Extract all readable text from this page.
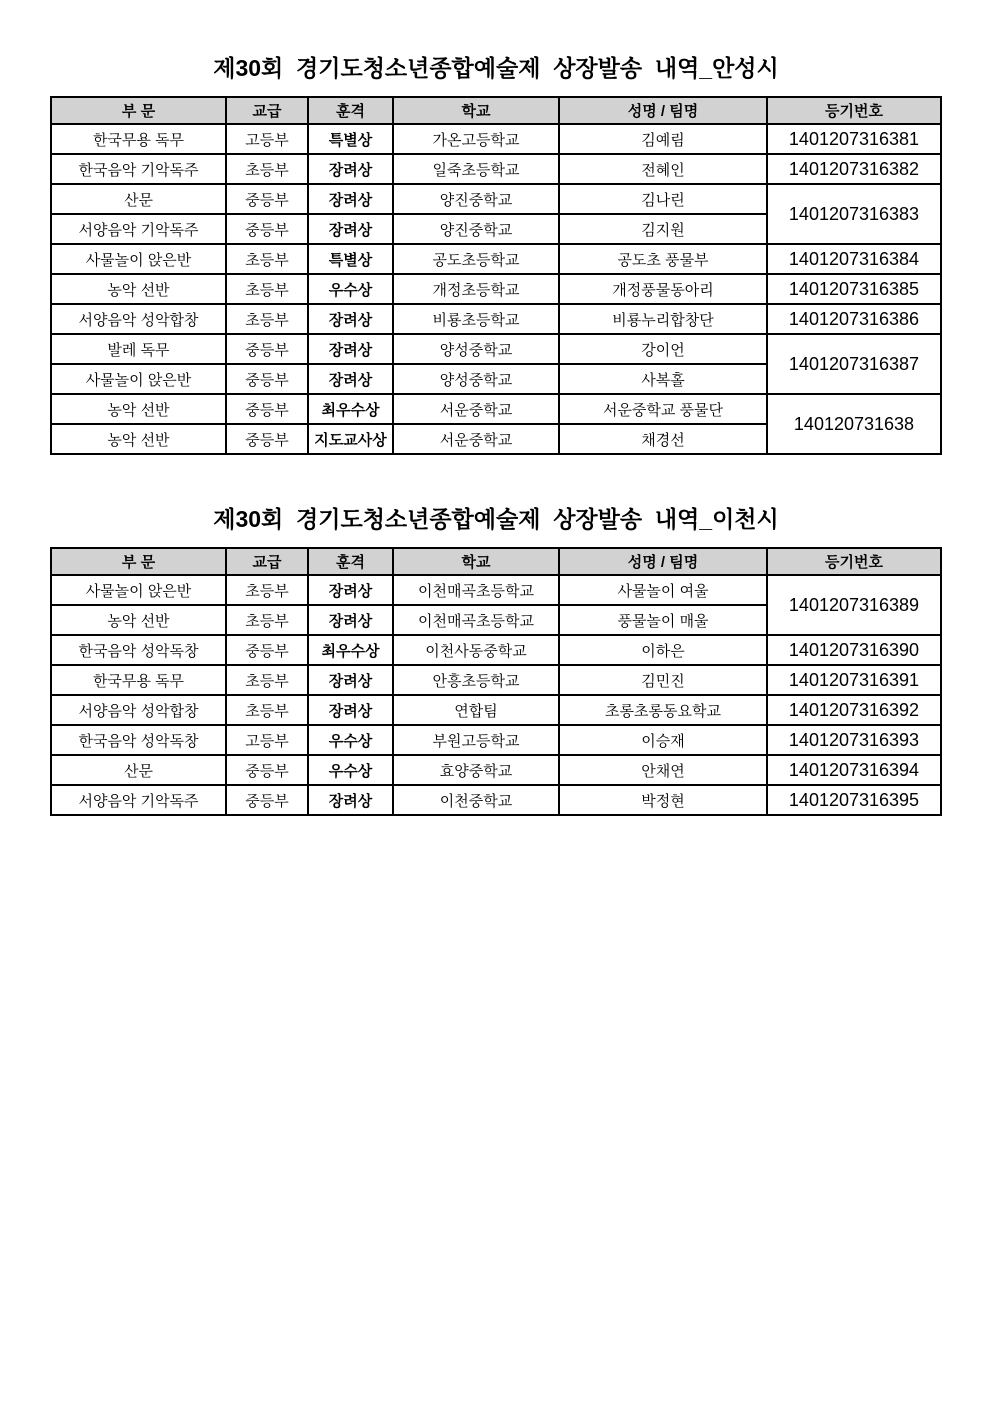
제30회  경기도청소년종합예술제  상장발송  내역_안성시
부 문	교급	훈격	학교	성명 / 팀명	등기번호
한국무용 독무	고등부	특별상	가온고등학교	김예림	1401207316381
한국음악 기악독주	초등부	장려상	일죽초등학교	전혜인	1401207316382
산문	중등부	장려상	양진중학교	김나린	1401207316383
서양음악 기악독주	중등부	장려상	양진중학교	김지원	
사물놀이 앉은반	초등부	특별상	공도초등학교	공도초 풍물부	1401207316384
농악 선반	초등부	우수상	개정초등학교	개정풍물동아리	1401207316385
서양음악 성악합창	초등부	장려상	비룡초등학교	비룡누리합창단	1401207316386
발레 독무	중등부	장려상	양성중학교	강이언	1401207316387
사물놀이 앉은반	중등부	장려상	양성중학교	사복홀	
농악 선반	중등부	최우수상	서운중학교	서운중학교 풍물단	140120731638
농악 선반	중등부	지도교사상	서운중학교	채경선	
제30회  경기도청소년종합예술제  상장발송  내역_이천시
부 문	교급	훈격	학교	성명 / 팀명	등기번호
사물놀이 앉은반	초등부	장려상	이천매곡초등학교	사물놀이 여울	1401207316389
농악 선반	초등부	장려상	이천매곡초등학교	풍물놀이 매울	
한국음악 성악독창	중등부	최우수상	이천사동중학교	이하은	1401207316390
한국무용 독무	초등부	장려상	안흥초등학교	김민진	1401207316391
서양음악 성악합창	초등부	장려상	연합팀	초롱초롱동요학교	1401207316392
한국음악 성악독창	고등부	우수상	부원고등학교	이승재	1401207316393
산문	중등부	우수상	효양중학교	안채연	1401207316394
서양음악 기악독주	중등부	장려상	이천중학교	박정현	1401207316395
